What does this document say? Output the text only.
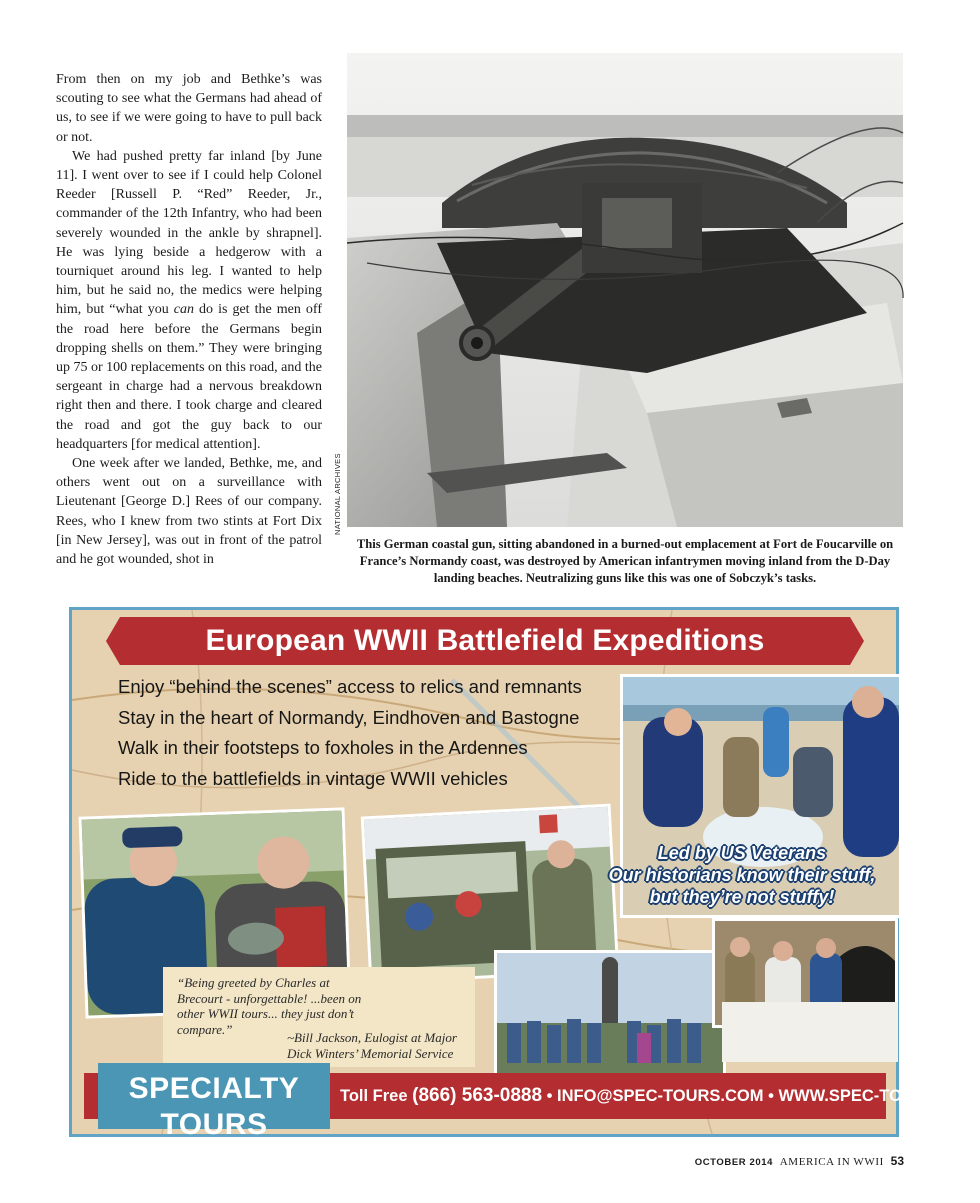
From then on my job and Bethke’s was scouting to see what the Germans had ahead of us, to see if we were going to have to pull back or not.

We had pushed pretty far inland [by June 11]. I went over to see if I could help Colonel Reeder [Russell P. “Red” Reeder, Jr., commander of the 12th Infantry, who had been severely wounded in the ankle by shrapnel]. He was lying beside a hedgerow with a tourniquet around his leg. I wanted to help him, but he said no, the medics were helping him, but “what you can do is get the men off the road here before the Germans begin dropping shells on them.” They were bringing up 75 or 100 replacements on this road, and the sergeant in charge had a nervous breakdown right then and there. I took charge and cleared the road and got the guy back to our headquarters [for medical attention].

One week after we landed, Bethke, me, and others went out on a surveillance with Lieutenant [George D.] Rees of our company. Rees, who I knew from two stints at Fort Dix [in New Jersey], was out in front of the patrol and he got wounded, shot in

NATIONAL ARCHIVES
This German coastal gun, sitting abandoned in a burned-out emplacement at Fort de Foucarville on France’s Normandy coast, was destroyed by American infantrymen moving inland from the D-Day landing beaches. Neutralizing guns like this was one of Sobczyk’s tasks.
European WWII Battlefield Expeditions
Enjoy “behind the scenes” access to relics and remnants
Stay in the heart of Normandy, Eindhoven and Bastogne
Walk in their footsteps to foxholes in the Ardennes
Ride to the battlefields in vintage WWII vehicles
Led by US Veterans
Our historians know their stuff,
but they’re not stuffy!
“Being greeted by Charles at Brecourt - unforgettable! ...been on other WWII tours... they just don’t compare.”
~Bill Jackson, Eulogist at Major Dick Winters’ Memorial Service
SPECIALTY TOURS
TOURS & DESTINATIONS FOR THE LIFE-LONG LEARNER
Toll Free (866) 563-0888 • INFO@SPEC-TOURS.COM • WWW.SPEC-TOURS.COM
OCTOBER 2014 AMERICA IN WWII 53
